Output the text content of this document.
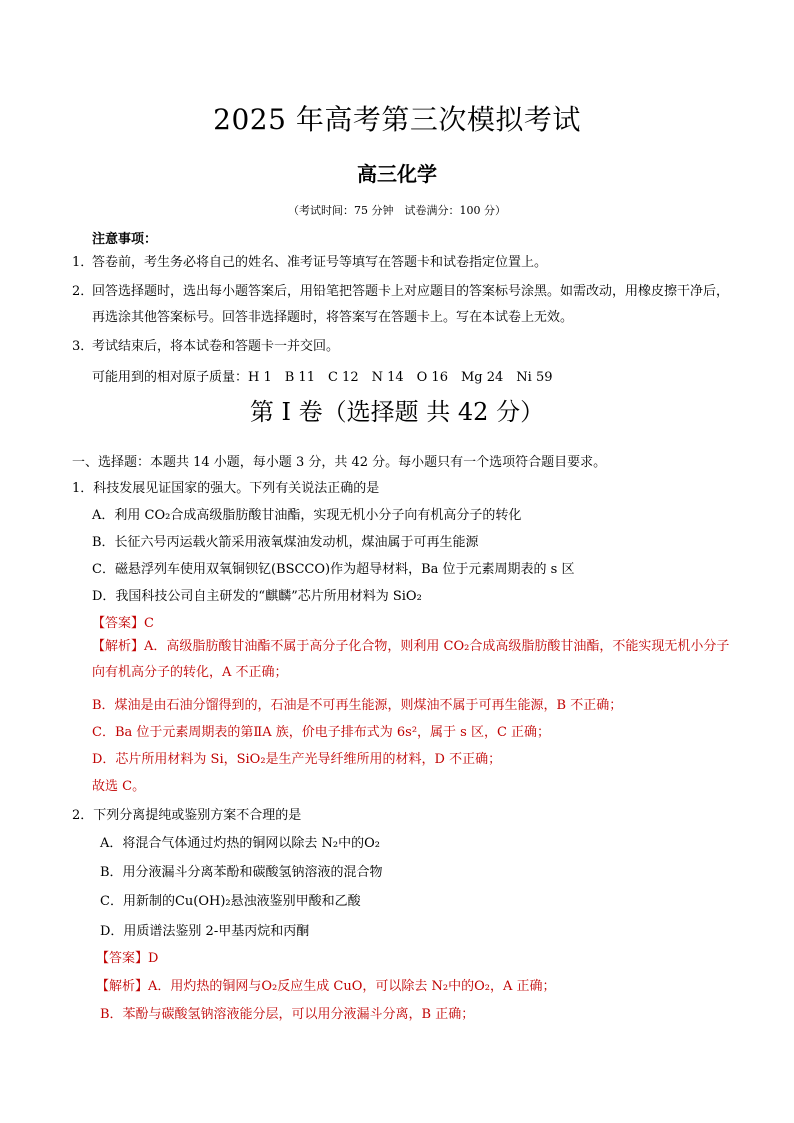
2025 年高考第三次模拟考试
高三化学
（考试时间：75 分钟　试卷满分：100 分）
注意事项：
1．
答卷前，考生务必将自己的姓名、准考证号等填写在答题卡和试卷指定位置上。
2．
回答选择题时，选出每小题答案后，用铅笔把答题卡上对应题目的答案标号涂黑。如需改动，用橡皮擦干净后，再选涂其他答案标号。回答非选择题时，将答案写在答题卡上。写在本试卷上无效。
3．
考试结束后，将本试卷和答题卡一并交回。
可能用到的相对原子质量：H 1　B 11　C 12　N 14　O 16　Mg 24　Ni 59
第 I 卷（选择题 共 42 分）
一、选择题：本题共 14 小题，每小题 3 分，共 42 分。每小题只有一个选项符合题目要求。
1．科技发展见证国家的强大。下列有关说法正确的是
A．利用 CO₂合成高级脂肪酸甘油酯，实现无机小分子向有机高分子的转化
B．长征六号丙运载火箭采用液氧煤油发动机，煤油属于可再生能源
C．磁悬浮列车使用双氧铜钡钇(BSCCO)作为超导材料，Ba 位于元素周期表的 s 区
D．我国科技公司自主研发的“麒麟”芯片所用材料为 SiO₂
【答案】C
【解析】A．高级脂肪酸甘油酯不属于高分子化合物，则利用 CO₂合成高级脂肪酸甘油酯，不能实现无机小分子向有机高分子的转化，A 不正确；
B．煤油是由石油分馏得到的，石油是不可再生能源，则煤油不属于可再生能源，B 不正确；
C．Ba 位于元素周期表的第ⅡA 族，价电子排布式为 6s²，属于 s 区，C 正确；
D．芯片所用材料为 Si，SiO₂是生产光导纤维所用的材料，D 不正确；
故选 C。
2．下列分离提纯或鉴别方案不合理的是
A．将混合气体通过灼热的铜网以除去 N₂中的O₂
B．用分液漏斗分离苯酚和碳酸氢钠溶液的混合物
C．用新制的Cu(OH)₂悬浊液鉴别甲酸和乙酸
D．用质谱法鉴别 2-甲基丙烷和丙酮
【答案】D
【解析】A．用灼热的铜网与O₂反应生成 CuO，可以除去 N₂中的O₂，A 正确；
B．苯酚与碳酸氢钠溶液能分层，可以用分液漏斗分离，B 正确；
